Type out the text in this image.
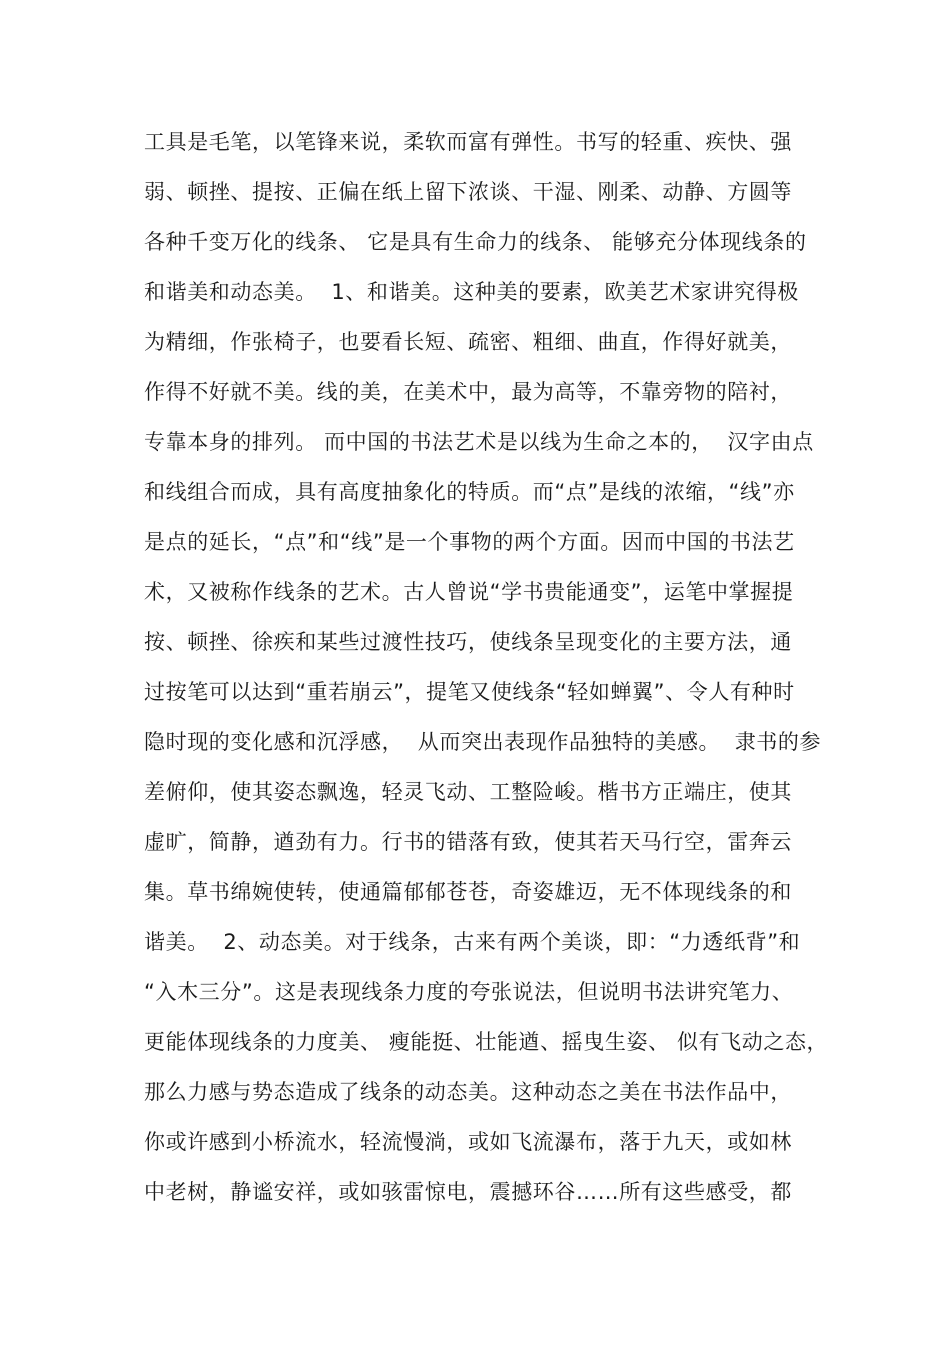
工具是毛笔，以笔锋来说，柔软而富有弹性。书写的轻重、疾快、强
弱、顿挫、提按、正偏在纸上留下浓谈、干湿、刚柔、动静、方圆等
各种千变万化的线条、 它是具有生命力的线条、 能够充分体现线条的
和谐美和动态美。  1、和谐美。这种美的要素，欧美艺术家讲究得极
为精细，作张椅子，也要看长短、疏密、粗细、曲直，作得好就美，
作得不好就不美。线的美，在美术中，最为高等，不靠旁物的陪衬，
专靠本身的排列。 而中国的书法艺术是以线为生命之本的，  汉字由点
和线组合而成，具有高度抽象化的特质。而“点”是线的浓缩，“线”亦
是点的延长，“点”和“线”是一个事物的两个方面。因而中国的书法艺
术，又被称作线条的艺术。古人曾说“学书贵能通变”，运笔中掌握提
按、顿挫、徐疾和某些过渡性技巧，使线条呈现变化的主要方法，通
过按笔可以达到“重若崩云”，提笔又使线条“轻如蝉翼”、令人有种时
隐时现的变化感和沉浮感，  从而突出表现作品独特的美感。  隶书的参
差俯仰，使其姿态飘逸，轻灵飞动、工整险峻。楷书方正端庄，使其
虚旷，简静，遒劲有力。行书的错落有致，使其若天马行空，雷奔云
集。草书绵婉使转，使通篇郁郁苍苍，奇姿雄迈，无不体现线条的和
谐美。  2、动态美。对于线条，古来有两个美谈，即：“力透纸背”和
“入木三分”。这是表现线条力度的夸张说法，但说明书法讲究笔力、
更能体现线条的力度美、 瘦能挺、壮能遒、摇曳生姿、 似有飞动之态，
那么力感与势态造成了线条的动态美。这种动态之美在书法作品中，
你或许感到小桥流水，轻流慢淌，或如飞流瀑布，落于九天，或如林
中老树，静谧安祥，或如骇雷惊电，震撼环谷……所有这些感受，都
